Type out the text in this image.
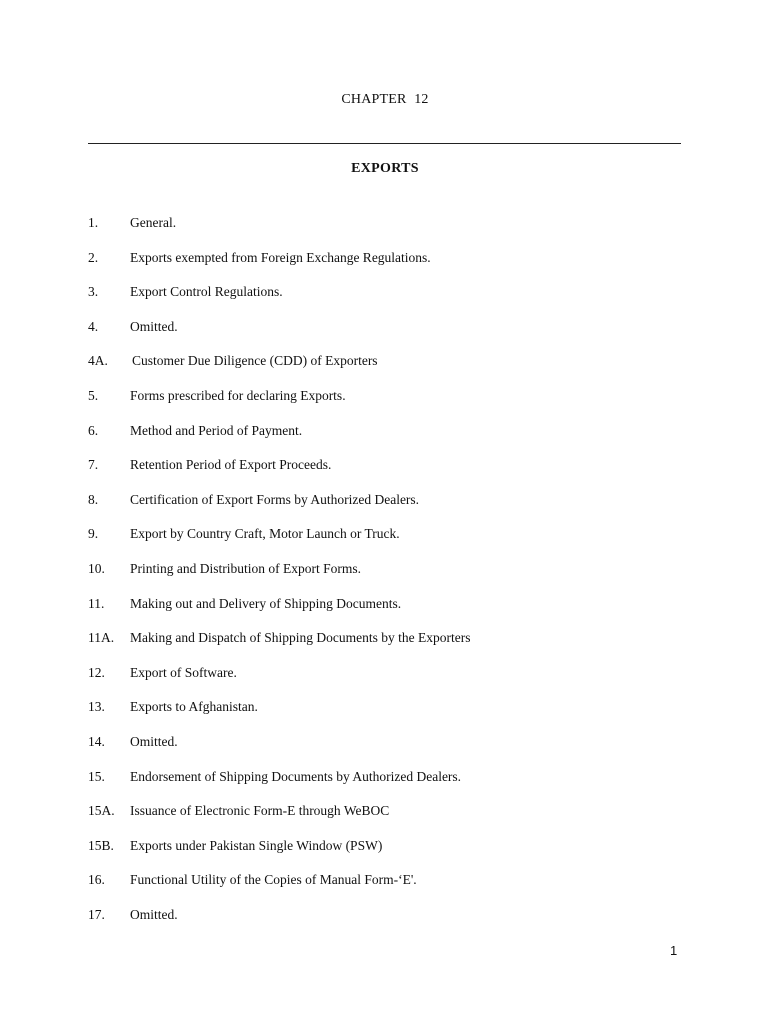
CHAPTER 12
EXPORTS
1. General.
2. Exports exempted from Foreign Exchange Regulations.
3. Export Control Regulations.
4. Omitted.
4A. Customer Due Diligence (CDD) of Exporters
5. Forms prescribed for declaring Exports.
6. Method and Period of Payment.
7. Retention Period of Export Proceeds.
8. Certification of Export Forms by Authorized Dealers.
9. Export by Country Craft, Motor Launch or Truck.
10. Printing and Distribution of Export Forms.
11. Making out and Delivery of Shipping Documents.
11A. Making and Dispatch of Shipping Documents by the Exporters
12. Export of Software.
13. Exports to Afghanistan.
14. Omitted.
15. Endorsement of Shipping Documents by Authorized Dealers.
15A. Issuance of Electronic Form-E through WeBOC
15B. Exports under Pakistan Single Window (PSW)
16. Functional Utility of the Copies of Manual Form-‘E'.
17. Omitted.
1
